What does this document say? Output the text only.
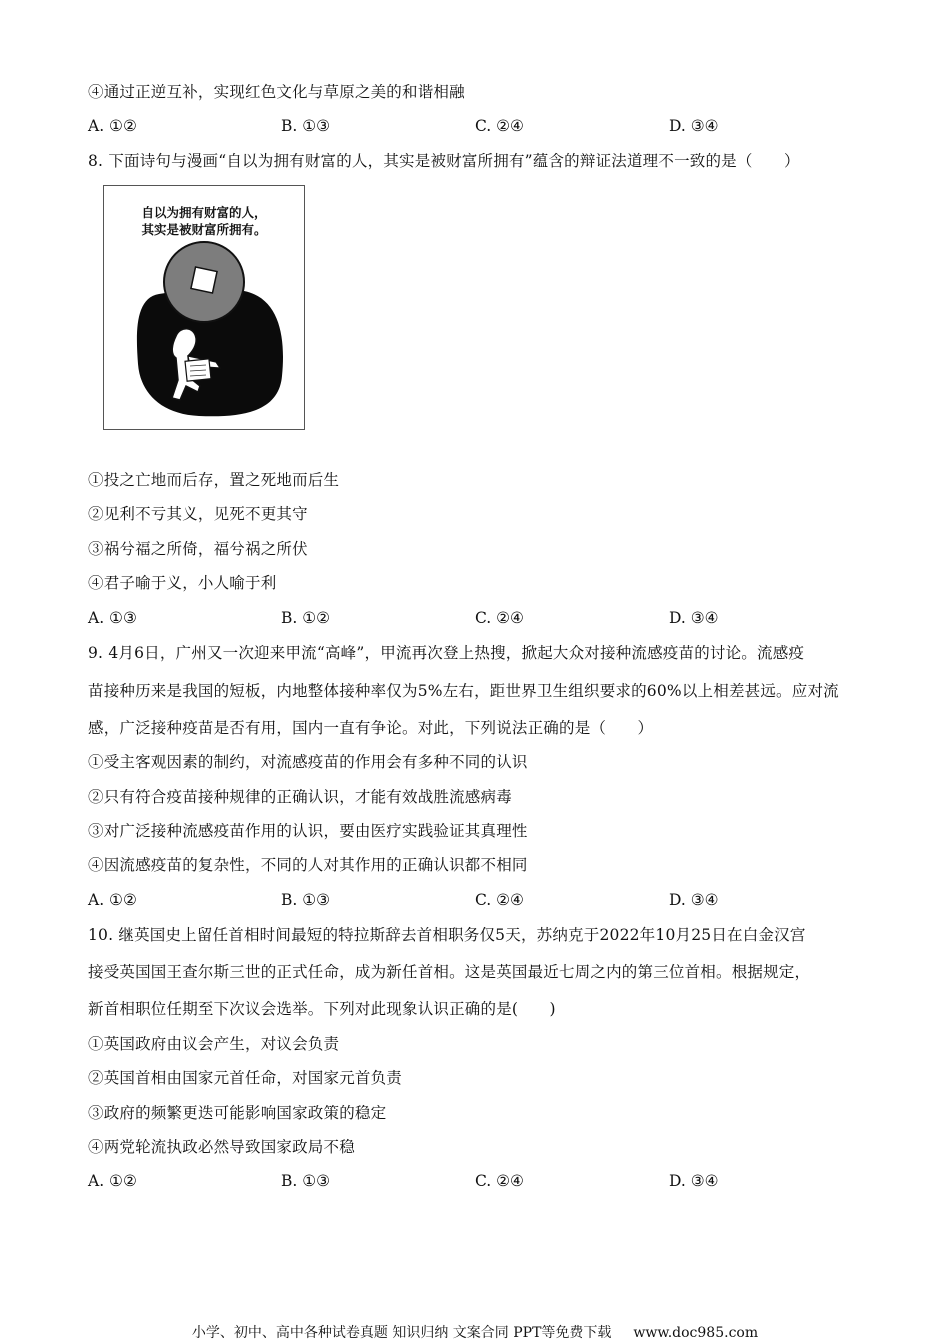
④通过正逆互补，实现红色文化与草原之美的和谐相融
A. ①②	B. ①③	C. ②④	D. ③④
8. 下面诗句与漫画“自以为拥有财富的人，其实是被财富所拥有”蕴含的辩证法道理不一致的是（　　）
自以为拥有财富的人，
其实是被财富所拥有。
①投之亡地而后存，置之死地而后生
②见利不亏其义，见死不更其守
③祸兮福之所倚，福兮祸之所伏
④君子喻于义，小人喻于利
A. ①③	B. ①②	C. ②④	D. ③④
9. 4月6日，广州又一次迎来甲流“高峰”，甲流再次登上热搜，掀起大众对接种流感疫苗的讨论。流感疫
苗接种历来是我国的短板，内地整体接种率仅为5%左右，距世界卫生组织要求的60%以上相差甚远。应对流
感，广泛接种疫苗是否有用，国内一直有争论。对此，下列说法正确的是（　　）
①受主客观因素的制约，对流感疫苗的作用会有多种不同的认识
②只有符合疫苗接种规律的正确认识，才能有效战胜流感病毒
③对广泛接种流感疫苗作用的认识，要由医疗实践验证其真理性
④因流感疫苗的复杂性，不同的人对其作用的正确认识都不相同
A. ①②	B. ①③	C. ②④	D. ③④
10. 继英国史上留任首相时间最短的特拉斯辞去首相职务仅5天，苏纳克于2022年10月25日在白金汉宫
接受英国国王查尔斯三世的正式任命，成为新任首相。这是英国最近七周之内的第三位首相。根据规定，
新首相职位任期至下次议会选举。下列对此现象认识正确的是(　　)
①英国政府由议会产生，对议会负责
②英国首相由国家元首任命，对国家元首负责
③政府的频繁更迭可能影响国家政策的稳定
④两党轮流执政必然导致国家政局不稳
A. ①②	B. ①③	C. ②④	D. ③④
小学、初中、高中各种试卷真题 知识归纳 文案合同 PPT等免费下载 www.doc985.com
